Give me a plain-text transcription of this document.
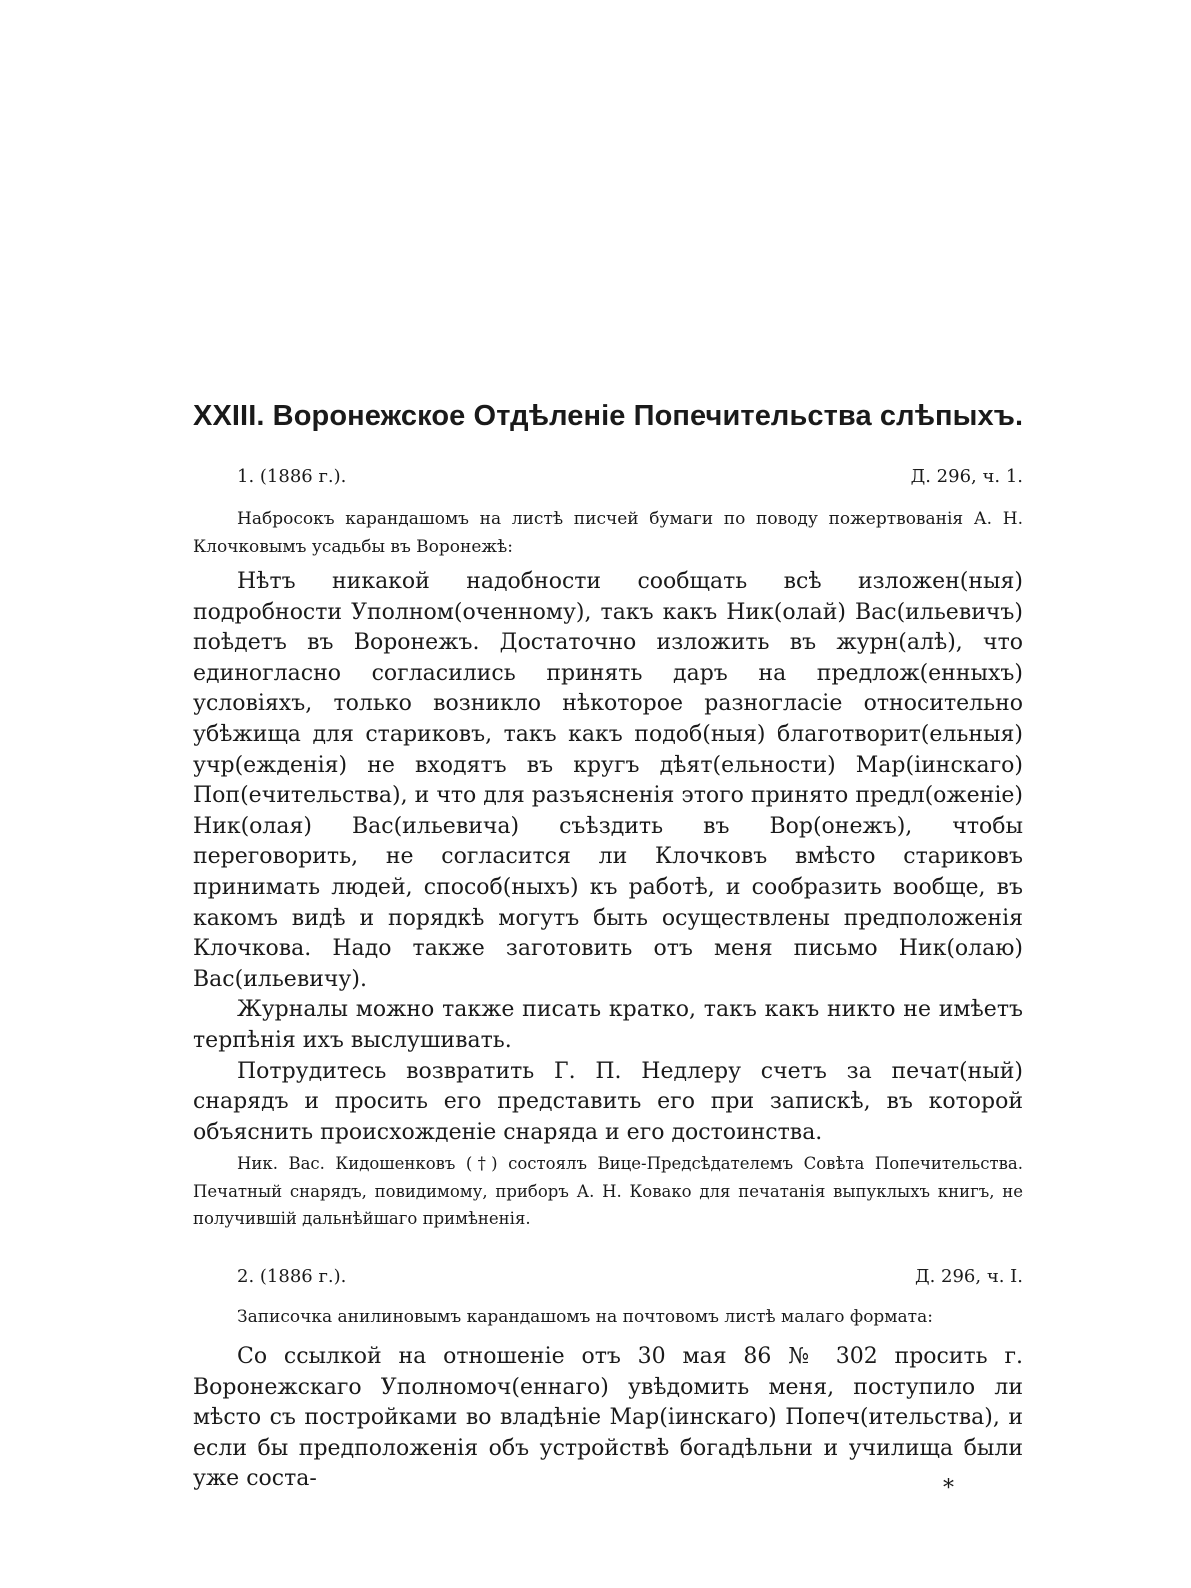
XXIII. Воронежское Отдѣленіе Попечительства слѣпыхъ.
1. (1886 г.).	Д. 296, ч. 1.

Набросокъ карандашомъ на листѣ писчей бумаги по поводу пожертвованія А. Н. Клочковымъ усадьбы въ Воронежѣ:

Нѣтъ никакой надобности сообщать всѣ изложен(ныя) подробности Уполном(оченному), такъ какъ Ник(олай) Вас(ильевичъ) поѣдетъ въ Воронежъ. Достаточно изложить въ журн(алѣ), что единогласно согласились принять даръ на предлож(енныхъ) условіяхъ, только возникло нѣкоторое разногласіе относительно убѣжища для стариковъ, такъ какъ подоб(ныя) благотворит(ельныя) учр(ежденія) не входятъ въ кругъ дѣят(ельности) Мар(іинскаго) Поп(ечительства), и что для разъясненія этого принято предл(оженіе) Ник(олая) Вас(ильевича) съѣздить въ Вор(онежъ), чтобы переговорить, не согласится ли Клочковъ вмѣсто стариковъ принимать людей, способ(ныхъ) къ работѣ, и сообразить вообще, въ какомъ видѣ и порядкѣ могутъ быть осуществлены предположенія Клочкова. Надо также заготовить отъ меня письмо Ник(олаю) Вас(ильевичу).

Журналы можно также писать кратко, такъ какъ никто не имѣетъ терпѣнія ихъ выслушивать.

Потрудитесь возвратить Г. П. Недлеру счетъ за печат(ный) снарядъ и просить его представить его при запискѣ, въ которой объяснить происхожденіе снаряда и его достоинства.

Ник. Вас. Кидошенковъ (†) состоялъ Вице-Предсѣдателемъ Совѣта Попечительства. Печатный снарядъ, повидимому, приборъ А. Н. Ковако для печатанія выпуклыхъ книгъ, не получившій дальнѣйшаго примѣненія.

2. (1886 г.).	Д. 296, ч. I.

Записочка анилиновымъ карандашомъ на почтовомъ листѣ малаго формата:

Со ссылкой на отношеніе отъ 30 мая 86 № 302 просить г. Воронежскаго Уполномоч(еннаго) увѣдомить меня, поступило ли мѣсто съ постройками во владѣніе Мар(іинскаго) Попеч(ительства), и если бы предположенія объ устройствѣ богадѣльни и училища были уже соста-	*
